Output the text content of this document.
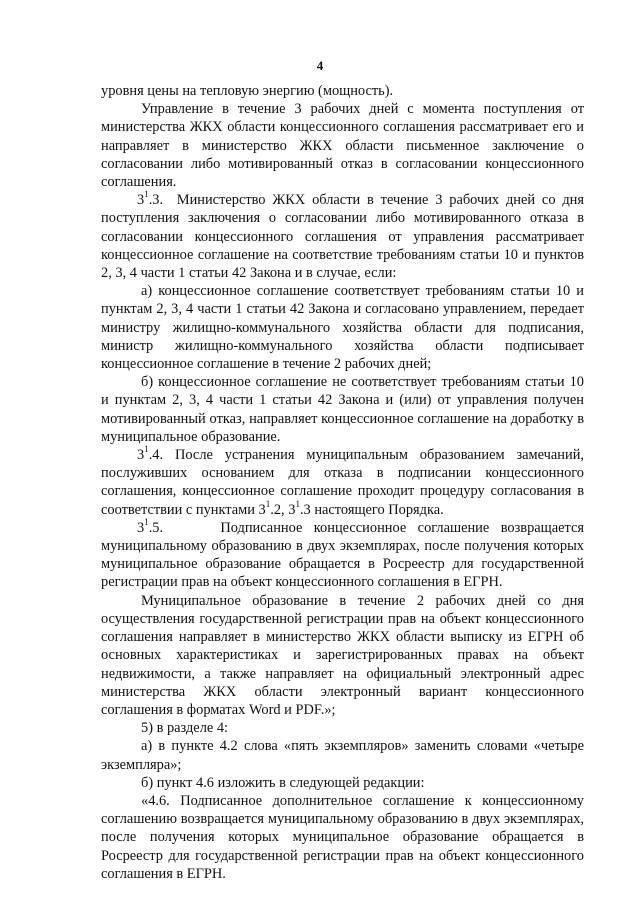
4

уровня цены на тепловую энергию (мощность).

Управление в течение 3 рабочих дней с момента поступления от министерства ЖКХ области концессионного соглашения рассматривает его и направляет в министерство ЖКХ области письменное заключение о согласовании либо мотивированный отказ в согласовании концессионного соглашения.

$3^1.3$. Министерство ЖКХ области в течение 3 рабочих дней со дня поступления заключения о согласовании либо мотивированного отказа в согласовании концессионного соглашения от управления рассматривает концессионное соглашение на соответствие требованиям статьи 10 и пунктов 2, 3, 4 части 1 статьи 42 Закона и в случае, если:

а) концессионное соглашение соответствует требованиям статьи 10 и пунктам 2, 3, 4 части 1 статьи 42 Закона и согласовано управлением, передает министру жилищно-коммунального хозяйства области для подписания, министр жилищно-коммунального хозяйства области подписывает концессионное соглашение в течение 2 рабочих дней;

б) концессионное соглашение не соответствует требованиям статьи 10 и пунктам 2, 3, 4 части 1 статьи 42 Закона и (или) от управления получен мотивированный отказ, направляет концессионное соглашение на доработку в муниципальное образование.

$3^1.4$. После устранения муниципальным образованием замечаний, послуживших основанием для отказа в подписании концессионного соглашения, концессионное соглашение проходит процедуру согласования в соответствии с пунктами $3^1.2$, $3^1.3$ настоящего Порядка.

$3^1.5$.	Подписанное концессионное соглашение возвращается муниципальному образованию в двух экземплярах, после получения которых муниципальное образование обращается в Росреестр для государственной регистрации прав на объект концессионного соглашения в ЕГРН.

Муниципальное образование в течение 2 рабочих дней со дня осуществления государственной регистрации прав на объект концессионного соглашения направляет в министерство ЖКХ области выписку из ЕГРН об основных характеристиках и зарегистрированных правах на объект недвижимости, а также направляет на официальный электронный адрес министерства ЖКХ области электронный вариант концессионного соглашения в форматах Word и PDF.»;

5) в разделе 4:

а) в пункте 4.2 слова «пять экземпляров» заменить словами «четыре экземпляра»;

б) пункт 4.6 изложить в следующей редакции:

«4.6. Подписанное дополнительное соглашение к концессионному соглашению возвращается муниципальному образованию в двух экземплярах, после получения которых муниципальное образование обращается в Росреестр для государственной регистрации прав на объект концессионного соглашения в ЕГРН.
